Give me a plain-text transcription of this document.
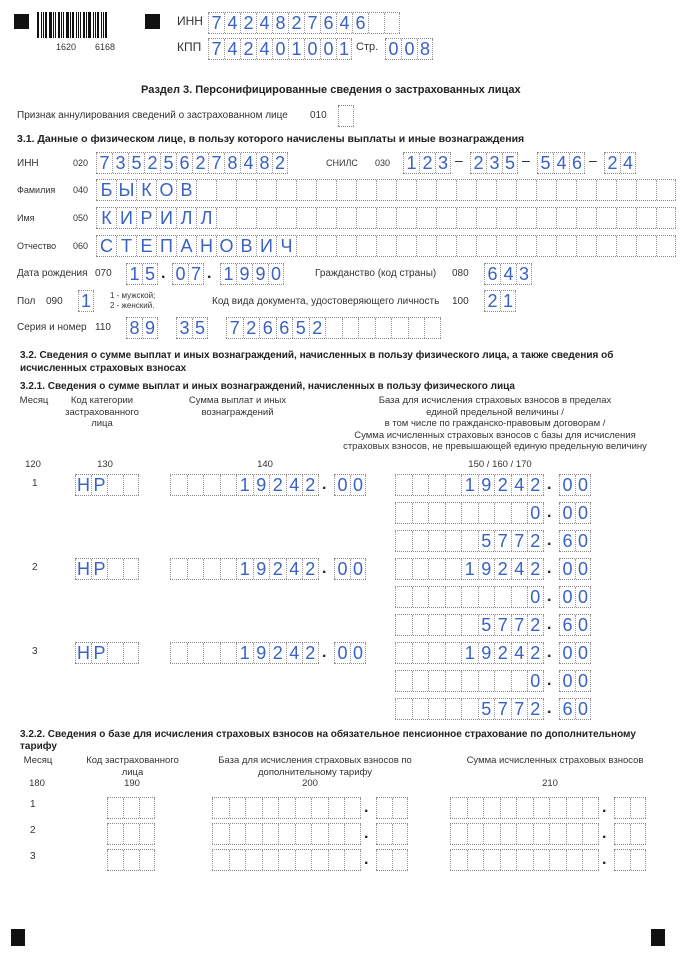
1620 6168
ИНН 7 4 2 4 8 2 7 6 4 6
КПП 7 4 2 4 0 1 0 0 1 Стр. 0 0 8
Раздел 3. Персонифицированные сведения о застрахованных лицах
Признак аннулирования сведений о застрахованном лице 010
3.1. Данные о физическом лице, в пользу которого начислены выплаты и иные вознаграждения
ИНН	020 7 3 5 2 5 6 2 7 8 4 8 2	СНИЛС 030 1 2 3 – 2 3 5 – 5 4 6 – 2 4
Фамилия 040 Б Ы К О В
Имя	050 К И Р И Л Л
Отчество 060 С Т Е П А Н О В И Ч
Дата рождения 070 1 5 . 0 7 . 1 9 9 0	Гражданство (код страны) 080 6 4 3
Пол 090 1	1 - мужской;
2 - женский.	Код вида документа, удостоверяющего личность 100 2 1
Серия и номер 110 8 9 3 5 7 2 6 6 5 2
3.2. Сведения о сумме выплат и иных вознаграждений, начисленных в пользу физического лица, а также сведения об
исчисленных страховых взносах
3.2.1. Сведения о сумме выплат и иных вознаграждений, начисленных в пользу физического лица
Месяц	Код категории застрахованного лица
Сумма выплат и иных вознаграждений
База для исчисления страховых взносов в пределах
единой предельной величины /
в том числе по гражданско-правовым договорам /
Сумма исчисленных страховых взносов с базы для исчисления
страховых взносов, не превышающей единую предельную величину
120	130	140	150 / 160 / 170
1 Н Р	1 9 2 4 2 . 0 0	1 9 2 4 2 . 0 0
0 . 0 0
5 7 7 2 . 6 0
2 Н Р	1 9 2 4 2 . 0 0	1 9 2 4 2 . 0 0
0 . 0 0
5 7 7 2 . 6 0
3 Н Р	1 9 2 4 2 . 0 0	1 9 2 4 2 . 0 0
0 . 0 0
5 7 7 2 . 6 0
3.2.2. Сведения о базе для исчисления страховых взносов на обязательное пенсионное страхование по дополнительному
тарифу
Месяц	Код застрахованного лица
База для исчисления страховых взносов по дополнительному тарифу
Сумма исчисленных страховых взносов
180	190	200	210
1	.	.
2	.	.
3	.	.
